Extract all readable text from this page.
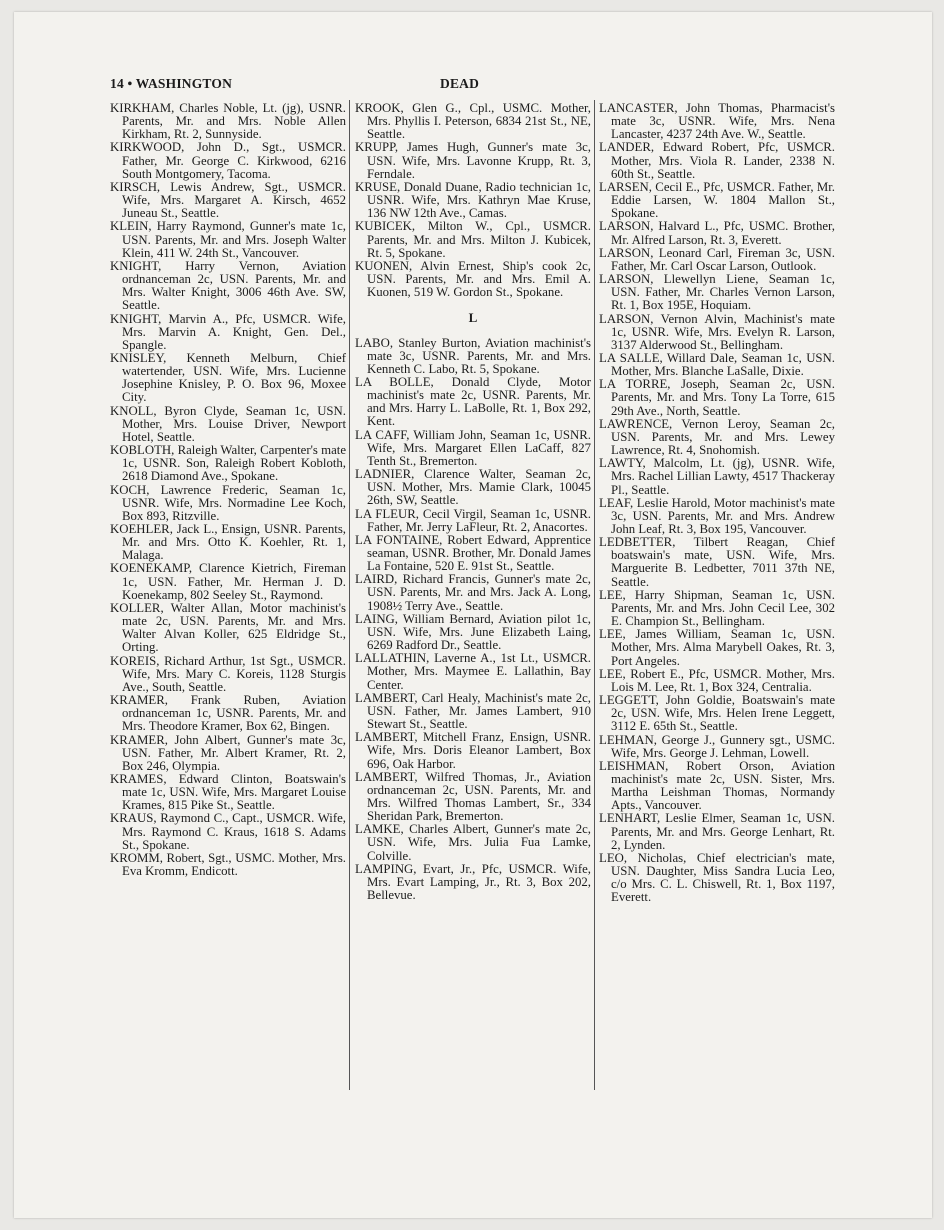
14 • WASHINGTON	DEAD

KIRKHAM, Charles Noble, Lt. (jg), USNR. Parents, Mr. and Mrs. Noble Allen Kirkham, Rt. 2, Sunnyside.

KIRKWOOD, John D., Sgt., USMCR. Father, Mr. George C. Kirkwood, 6216 South Montgomery, Tacoma.

KIRSCH, Lewis Andrew, Sgt., USMCR. Wife, Mrs. Margaret A. Kirsch, 4652 Juneau St., Seattle.

KLEIN, Harry Raymond, Gunner's mate 1c, USN. Parents, Mr. and Mrs. Joseph Walter Klein, 411 W. 24th St., Vancouver.

KNIGHT, Harry Vernon, Aviation ordnanceman 2c, USN. Parents, Mr. and Mrs. Walter Knight, 3006 46th Ave. SW, Seattle.

KNIGHT, Marvin A., Pfc, USMCR. Wife, Mrs. Marvin A. Knight, Gen. Del., Spangle.

KNISLEY, Kenneth Melburn, Chief watertender, USN. Wife, Mrs. Lucienne Josephine Knisley, P. O. Box 96, Moxee City.

KNOLL, Byron Clyde, Seaman 1c, USN. Mother, Mrs. Louise Driver, Newport Hotel, Seattle.

KOBLOTH, Raleigh Walter, Carpenter's mate 1c, USNR. Son, Raleigh Robert Kobloth, 2618 Diamond Ave., Spokane.

KOCH, Lawrence Frederic, Seaman 1c, USNR. Wife, Mrs. Normadine Lee Koch, Box 893, Ritzville.

KOEHLER, Jack L., Ensign, USNR. Parents, Mr. and Mrs. Otto K. Koehler, Rt. 1, Malaga.

KOENEKAMP, Clarence Kietrich, Fireman 1c, USN. Father, Mr. Herman J. D. Koenekamp, 802 Seeley St., Raymond.

KOLLER, Walter Allan, Motor machinist's mate 2c, USN. Parents, Mr. and Mrs. Walter Alvan Koller, 625 Eldridge St., Orting.

KOREIS, Richard Arthur, 1st Sgt., USMCR. Wife, Mrs. Mary C. Koreis, 1128 Sturgis Ave., South, Seattle.

KRAMER, Frank Ruben, Aviation ordnanceman 1c, USNR. Parents, Mr. and Mrs. Theodore Kramer, Box 62, Bingen.

KRAMER, John Albert, Gunner's mate 3c, USN. Father, Mr. Albert Kramer, Rt. 2, Box 246, Olympia.

KRAMES, Edward Clinton, Boatswain's mate 1c, USN. Wife, Mrs. Margaret Louise Krames, 815 Pike St., Seattle.

KRAUS, Raymond C., Capt., USMCR. Wife, Mrs. Raymond C. Kraus, 1618 S. Adams St., Spokane.

KROMM, Robert, Sgt., USMC. Mother, Mrs. Eva Kromm, Endicott.

KROOK, Glen G., Cpl., USMC. Mother, Mrs. Phyllis I. Peterson, 6834 21st St., NE, Seattle.

KRUPP, James Hugh, Gunner's mate 3c, USN. Wife, Mrs. Lavonne Krupp, Rt. 3, Ferndale.

KRUSE, Donald Duane, Radio technician 1c, USNR. Wife, Mrs. Kathryn Mae Kruse, 136 NW 12th Ave., Camas.

KUBICEK, Milton W., Cpl., USMCR. Parents, Mr. and Mrs. Milton J. Kubicek, Rt. 5, Spokane.

KUONEN, Alvin Ernest, Ship's cook 2c, USN. Parents, Mr. and Mrs. Emil A. Kuonen, 519 W. Gordon St., Spokane.

L

LABO, Stanley Burton, Aviation machinist's mate 3c, USNR. Parents, Mr. and Mrs. Kenneth C. Labo, Rt. 5, Spokane.

LA BOLLE, Donald Clyde, Motor machinist's mate 2c, USNR. Parents, Mr. and Mrs. Harry L. LaBolle, Rt. 1, Box 292, Kent.

LA CAFF, William John, Seaman 1c, USNR. Wife, Mrs. Margaret Ellen LaCaff, 827 Tenth St., Bremerton.

LADNIER, Clarence Walter, Seaman 2c, USN. Mother, Mrs. Mamie Clark, 10045 26th, SW, Seattle.

LA FLEUR, Cecil Virgil, Seaman 1c, USNR. Father, Mr. Jerry LaFleur, Rt. 2, Anacortes.

LA FONTAINE, Robert Edward, Apprentice seaman, USNR. Brother, Mr. Donald James La Fontaine, 520 E. 91st St., Seattle.

LAIRD, Richard Francis, Gunner's mate 2c, USN. Parents, Mr. and Mrs. Jack A. Long, 1908½ Terry Ave., Seattle.

LAING, William Bernard, Aviation pilot 1c, USN. Wife, Mrs. June Elizabeth Laing, 6269 Radford Dr., Seattle.

LALLATHIN, Laverne A., 1st Lt., USMCR. Mother, Mrs. Maymee E. Lallathin, Bay Center.

LAMBERT, Carl Healy, Machinist's mate 2c, USN. Father, Mr. James Lambert, 910 Stewart St., Seattle.

LAMBERT, Mitchell Franz, Ensign, USNR. Wife, Mrs. Doris Eleanor Lambert, Box 696, Oak Harbor.

LAMBERT, Wilfred Thomas, Jr., Aviation ordnanceman 2c, USN. Parents, Mr. and Mrs. Wilfred Thomas Lambert, Sr., 334 Sheridan Park, Bremerton.

LAMKE, Charles Albert, Gunner's mate 2c, USN. Wife, Mrs. Julia Fua Lamke, Colville.

LAMPING, Evart, Jr., Pfc, USMCR. Wife, Mrs. Evart Lamping, Jr., Rt. 3, Box 202, Bellevue.

LANCASTER, John Thomas, Pharmacist's mate 3c, USNR. Wife, Mrs. Nena Lancaster, 4237 24th Ave. W., Seattle.

LANDER, Edward Robert, Pfc, USMCR. Mother, Mrs. Viola R. Lander, 2338 N. 60th St., Seattle.

LARSEN, Cecil E., Pfc, USMCR. Father, Mr. Eddie Larsen, W. 1804 Mallon St., Spokane.

LARSON, Halvard L., Pfc, USMC. Brother, Mr. Alfred Larson, Rt. 3, Everett.

LARSON, Leonard Carl, Fireman 3c, USN. Father, Mr. Carl Oscar Larson, Outlook.

LARSON, Llewellyn Liene, Seaman 1c, USN. Father, Mr. Charles Vernon Larson, Rt. 1, Box 195E, Hoquiam.

LARSON, Vernon Alvin, Machinist's mate 1c, USNR. Wife, Mrs. Evelyn R. Larson, 3137 Alderwood St., Bellingham.

LA SALLE, Willard Dale, Seaman 1c, USN. Mother, Mrs. Blanche LaSalle, Dixie.

LA TORRE, Joseph, Seaman 2c, USN. Parents, Mr. and Mrs. Tony La Torre, 615 29th Ave., North, Seattle.

LAWRENCE, Vernon Leroy, Seaman 2c, USN. Parents, Mr. and Mrs. Lewey Lawrence, Rt. 4, Snohomish.

LAWTY, Malcolm, Lt. (jg), USNR. Wife, Mrs. Rachel Lillian Lawty, 4517 Thackeray Pl., Seattle.

LEAF, Leslie Harold, Motor machinist's mate 3c, USN. Parents, Mr. and Mrs. Andrew John Leaf, Rt. 3, Box 195, Vancouver.

LEDBETTER, Tilbert Reagan, Chief boatswain's mate, USN. Wife, Mrs. Marguerite B. Ledbetter, 7011 37th NE, Seattle.

LEE, Harry Shipman, Seaman 1c, USN. Parents, Mr. and Mrs. John Cecil Lee, 302 E. Champion St., Bellingham.

LEE, James William, Seaman 1c, USN. Mother, Mrs. Alma Marybell Oakes, Rt. 3, Port Angeles.

LEE, Robert E., Pfc, USMCR. Mother, Mrs. Lois M. Lee, Rt. 1, Box 324, Centralia.

LEGGETT, John Goldie, Boatswain's mate 2c, USN. Wife, Mrs. Helen Irene Leggett, 3112 E. 65th St., Seattle.

LEHMAN, George J., Gunnery sgt., USMC. Wife, Mrs. George J. Lehman, Lowell.

LEISHMAN, Robert Orson, Aviation machinist's mate 2c, USN. Sister, Mrs. Martha Leishman Thomas, Normandy Apts., Vancouver.

LENHART, Leslie Elmer, Seaman 1c, USN. Parents, Mr. and Mrs. George Lenhart, Rt. 2, Lynden.

LEO, Nicholas, Chief electrician's mate, USN. Daughter, Miss Sandra Lucia Leo, c/o Mrs. C. L. Chiswell, Rt. 1, Box 1197, Everett.
